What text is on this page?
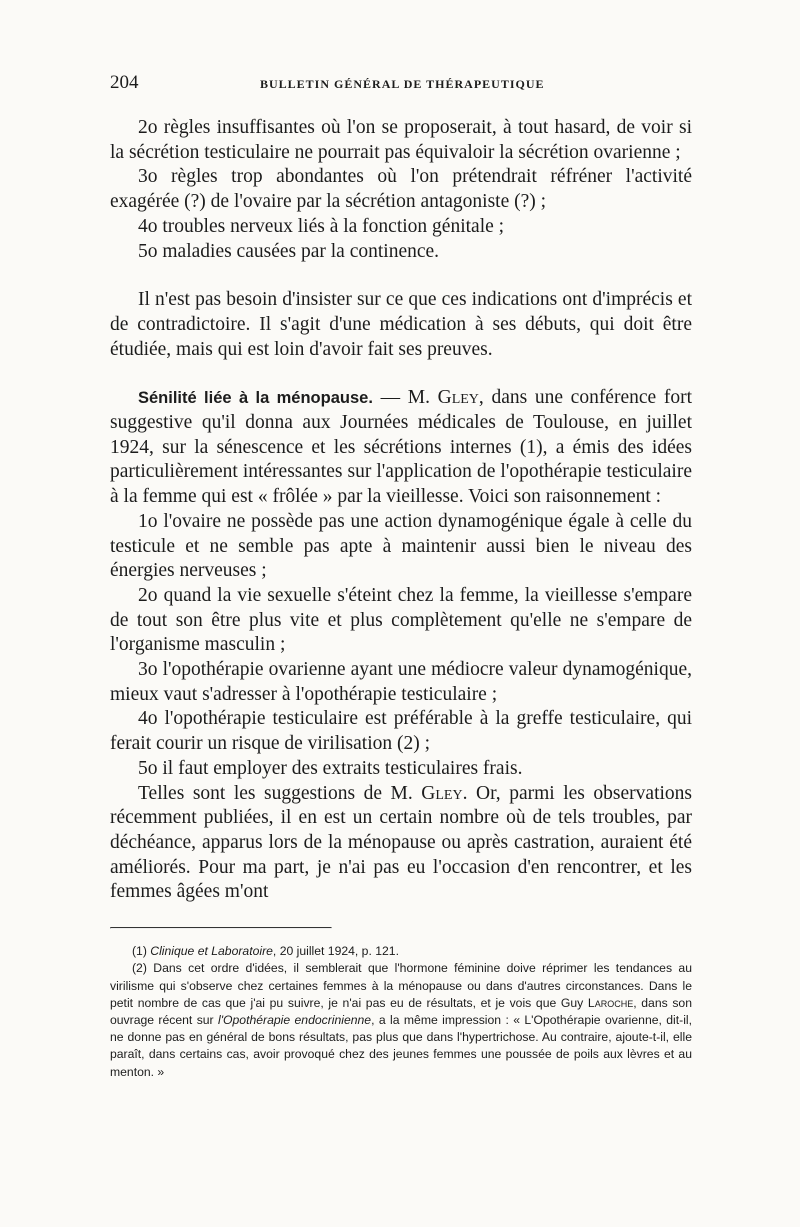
204	BULLETIN GÉNÉRAL DE THÉRAPEUTIQUE

2o règles insuffisantes où l'on se proposerait, à tout hasard, de voir si la sécrétion testiculaire ne pourrait pas équivaloir la sécrétion ovarienne ;

3o règles trop abondantes où l'on prétendrait réfréner l'activité exagérée (?) de l'ovaire par la sécrétion antagoniste (?) ;

4o troubles nerveux liés à la fonction génitale ;

5o maladies causées par la continence.

Il n'est pas besoin d'insister sur ce que ces indications ont d'imprécis et de contradictoire. Il s'agit d'une médication à ses débuts, qui doit être étudiée, mais qui est loin d'avoir fait ses preuves.

Sénilité liée à la ménopause. — M. Gley, dans une conférence fort suggestive qu'il donna aux Journées médicales de Toulouse, en juillet 1924, sur la sénescence et les sécrétions internes (1), a émis des idées particulièrement intéressantes sur l'application de l'opothérapie testiculaire à la femme qui est « frôlée » par la vieillesse. Voici son raisonnement :

1o l'ovaire ne possède pas une action dynamogénique égale à celle du testicule et ne semble pas apte à maintenir aussi bien le niveau des énergies nerveuses ;

2o quand la vie sexuelle s'éteint chez la femme, la vieillesse s'empare de tout son être plus vite et plus complètement qu'elle ne s'empare de l'organisme masculin ;

3o l'opothérapie ovarienne ayant une médiocre valeur dynamogénique, mieux vaut s'adresser à l'opothérapie testiculaire ;

4o l'opothérapie testiculaire est préférable à la greffe testiculaire, qui ferait courir un risque de virilisation (2) ;

5o il faut employer des extraits testiculaires frais.

Telles sont les suggestions de M. Gley. Or, parmi les observations récemment publiées, il en est un certain nombre où de tels troubles, par déchéance, apparus lors de la ménopause ou après castration, auraient été améliorés. Pour ma part, je n'ai pas eu l'occasion d'en rencontrer, et les femmes âgées m'ont

(1) Clinique et Laboratoire, 20 juillet 1924, p. 121.

(2) Dans cet ordre d'idées, il semblerait que l'hormone féminine doive réprimer les tendances au virilisme qui s'observe chez certaines femmes à la ménopause ou dans d'autres circonstances. Dans le petit nombre de cas que j'ai pu suivre, je n'ai pas eu de résultats, et je vois que Guy Laroche, dans son ouvrage récent sur l'Opothérapie endocrinienne, a la même impression : « L'Opothérapie ovarienne, dit-il, ne donne pas en général de bons résultats, pas plus que dans l'hypertrichose. Au contraire, ajoute-t-il, elle paraît, dans certains cas, avoir provoqué chez des jeunes femmes une poussée de poils aux lèvres et au menton. »
